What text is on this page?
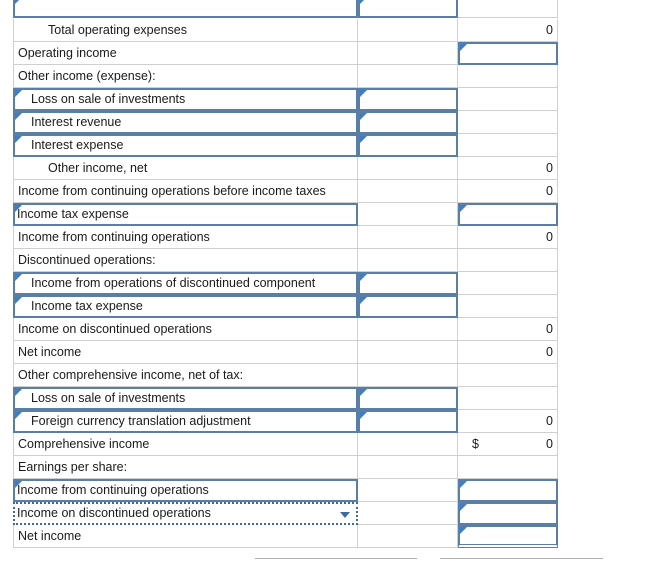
Total operating expenses	0
Operating income
Other income (expense):
Loss on sale of investments
Interest revenue
Interest expense
Other income, net	0
Income from continuing operations before income taxes	0
Income tax expense
Income from continuing operations	0
Discontinued operations:
Income from operations of discontinued component
Income tax expense
Income on discontinued operations	0
Net income	0
Other comprehensive income, net of tax:
Loss on sale of investments
Foreign currency translation adjustment	0
Comprehensive income	$	0
Earnings per share:
Income from continuing operations
Income on discontinued operations
Net income
